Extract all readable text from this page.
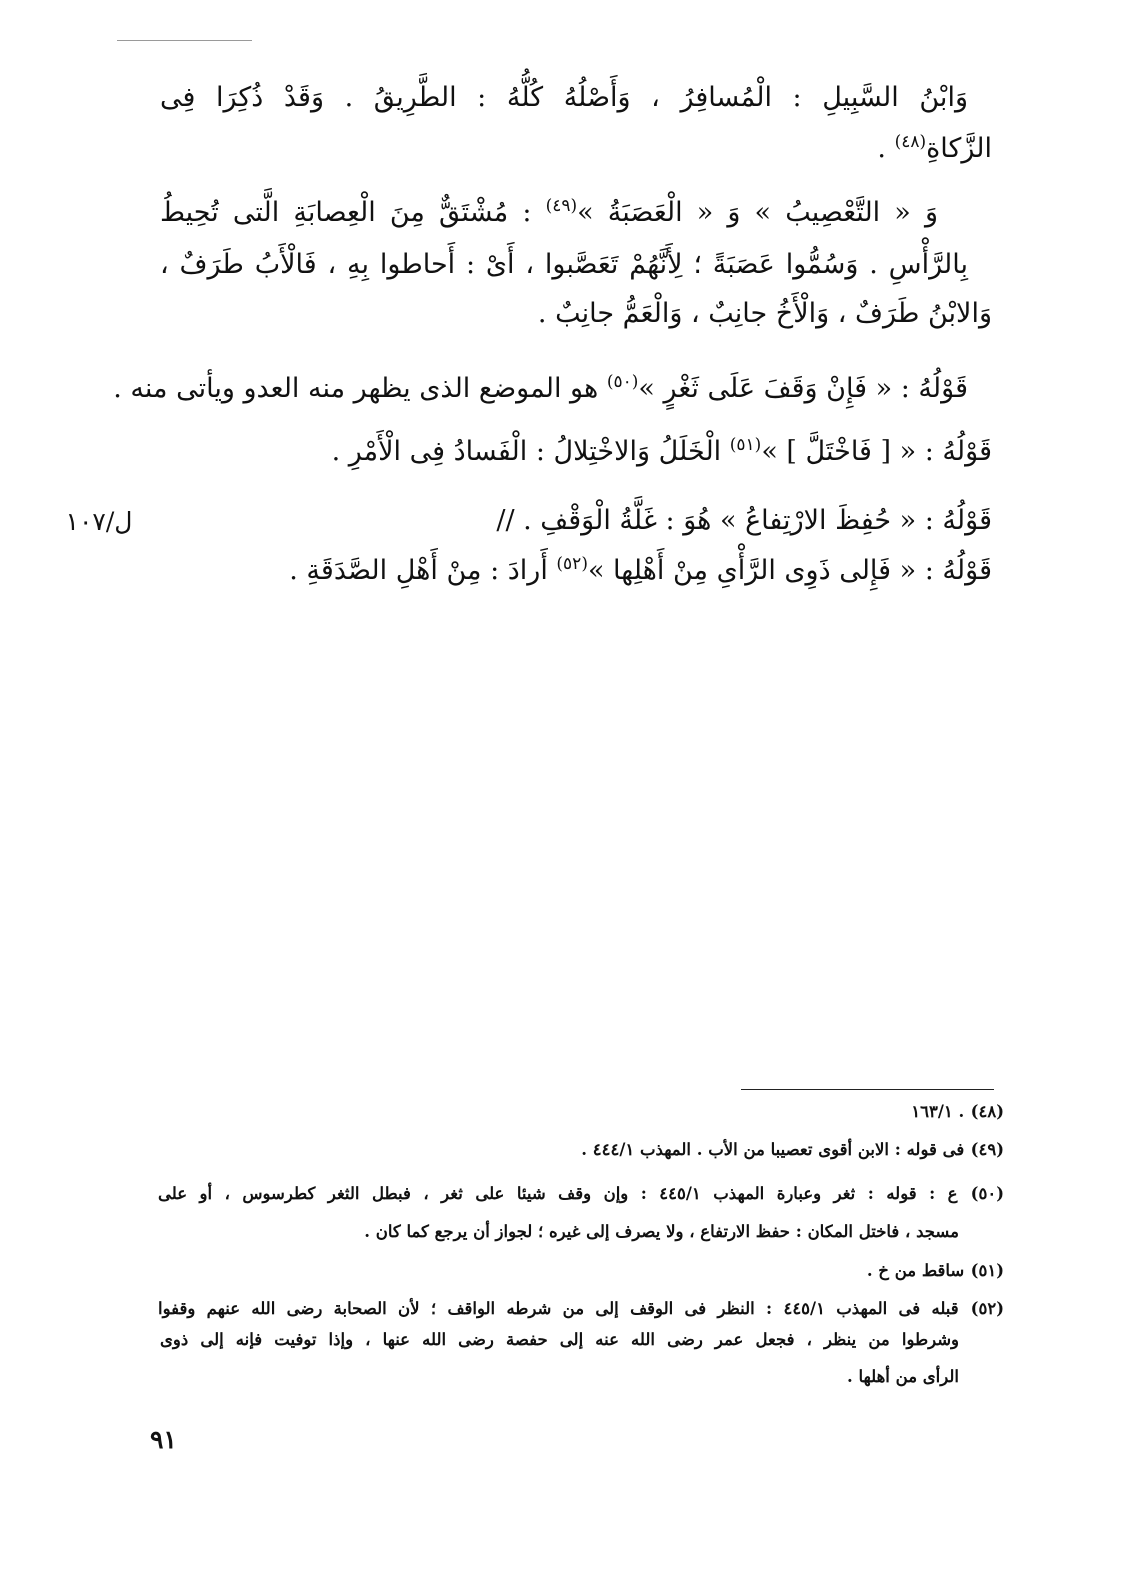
وَابْنُ السَّبِيلِ : الْمُسافِرُ ، وَأَصْلُهُ كُلُّهُ : الطَّرِيقُ . وَقَدْ ذُكِرَا فِى
الزَّكاةِ$^{(٤٨)}$ .
وَ « التَّعْصِيبُ » وَ « الْعَصَبَةُ »$^{(٤٩)}$ : مُشْتَقٌّ مِنَ الْعِصابَةِ الَّتى تُحِيطُ
بِالرَّأْسِ . وَسُمُّوا عَصَبَةً ؛ لِأَنَّهُمْ تَعَصَّبوا ، أَىْ : أَحاطوا بِهِ ، فَالْأَبُ طَرَفٌ ،
وَالابْنُ طَرَفٌ ، وَالْأَخُ جانِبٌ ، وَالْعَمُّ جانِبٌ .
قَوْلُهُ : « فَإِنْ وَقَفَ عَلَى ثَغْرٍ »$^{(٥٠)}$ هو الموضع الذى يظهر منه العدو ويأتى منه .
قَوْلُهُ : « [ فَاخْتَلَّ ] »$^{(٥١)}$ الْخَلَلُ وَالاخْتِلالُ : الْفَسادُ فِى الْأَمْرِ .
قَوْلُهُ : « حُفِظَ الارْتِفاعُ » هُوَ : غَلَّةُ الْوَقْفِ . //
قَوْلُهُ : « فَإِلى ذَوِى الرَّأْىِ مِنْ أَهْلِها »$^{(٥٢)}$ أَرادَ : مِنْ أَهْلِ الصَّدَقَةِ .
ل/١٠٧
(٤٨) . ١٦٣/١
(٤٩) فى قوله : الابن أقوى تعصيبا من الأب . المهذب ٤٤٤/١ .
(٥٠) ع : قوله : ثغر وعبارة المهذب ٤٤٥/١ : وإن وقف شيئا على ثغر ، فبطل الثغر كطرسوس ، أو على
مسجد ، فاختل المكان : حفظ الارتفاع ، ولا يصرف إلى غيره ؛ لجواز أن يرجع كما كان .
(٥١) ساقط من خ .
(٥٢) قبله فى المهذب ٤٤٥/١ : النظر فى الوقف إلى من شرطه الواقف ؛ لأن الصحابة رضى الله عنهم وقفوا
وشرطوا من ينظر ، فجعل عمر رضى الله عنه إلى حفصة رضى الله عنها ، وإذا توفيت فإنه إلى ذوى
الرأى من أهلها .
٩١
